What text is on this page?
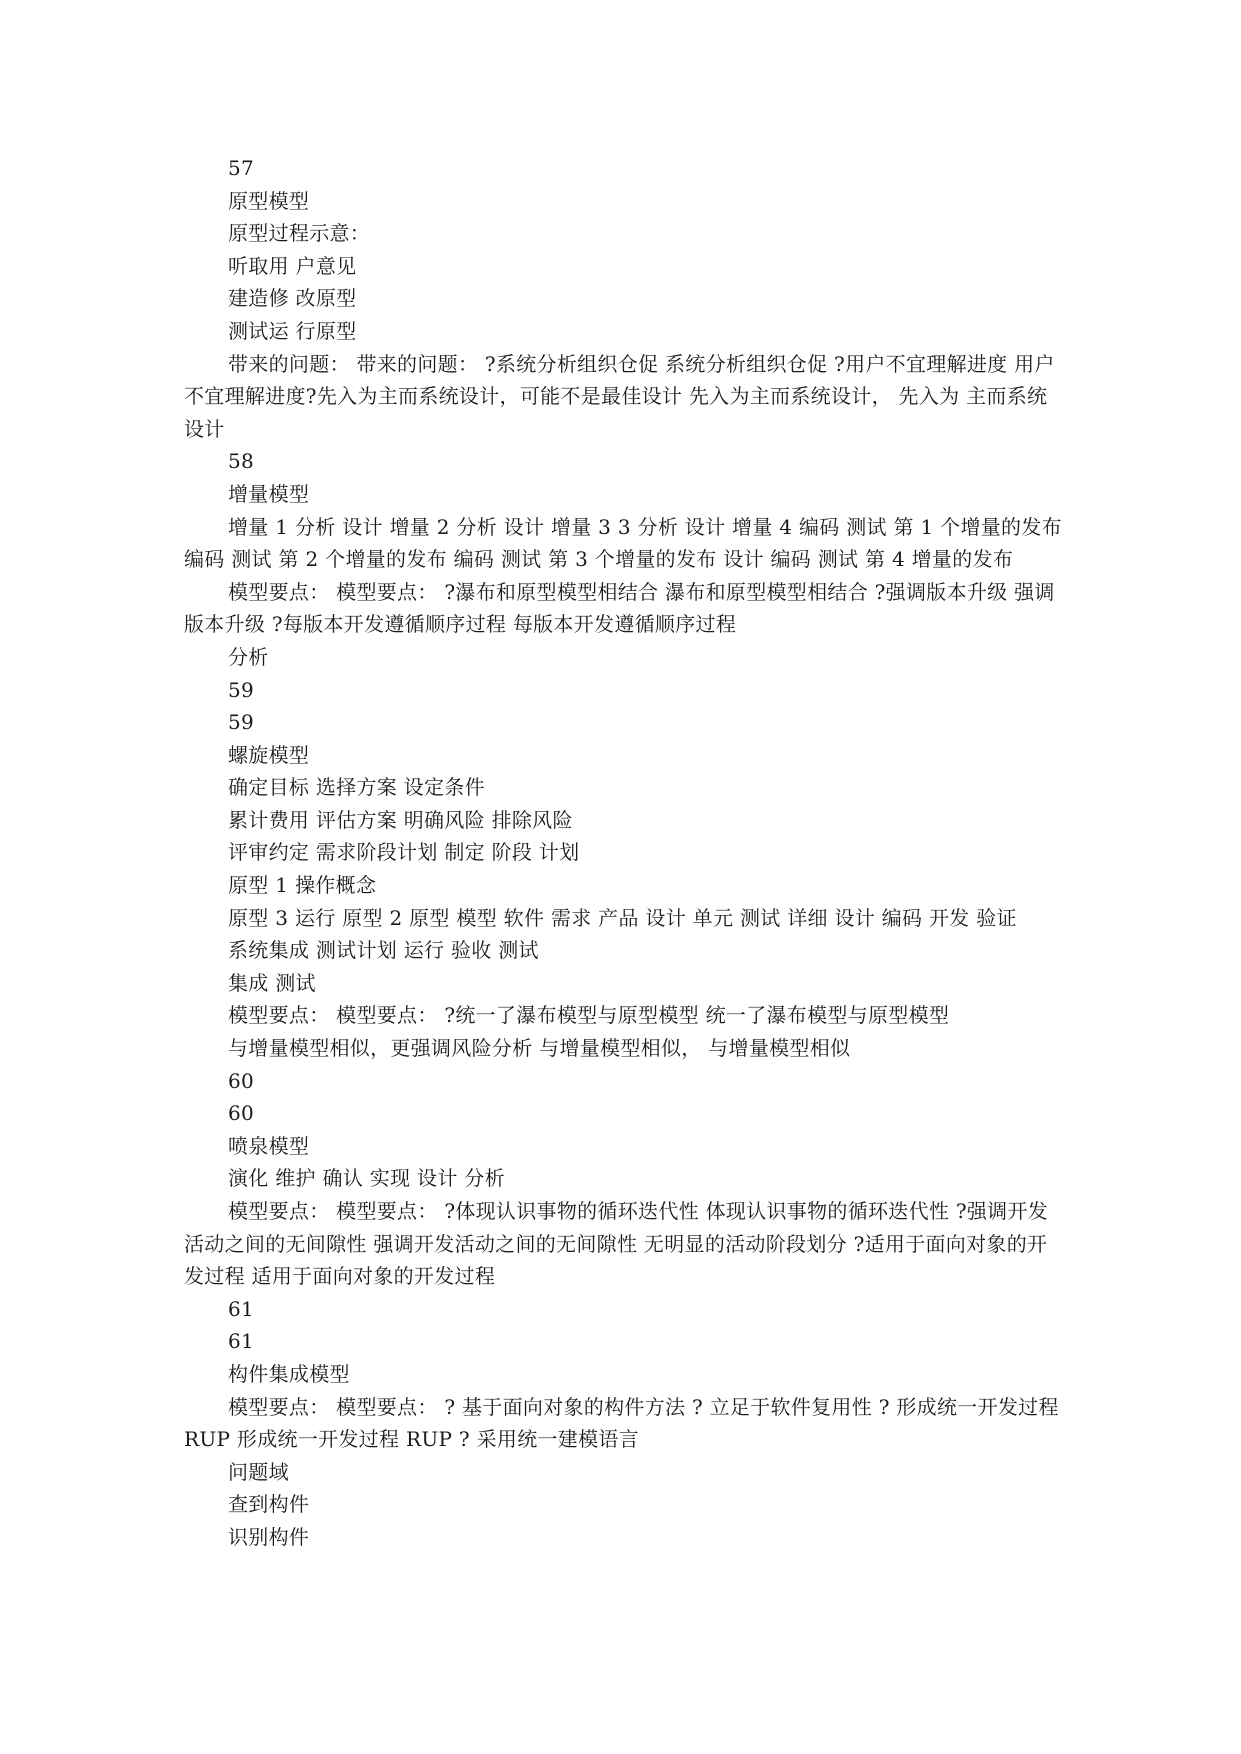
57

原型模型

原型过程示意：

听取用 户意见

建造修 改原型

测试运 行原型

带来的问题： 带来的问题： ?系统分析组织仓促 系统分析组织仓促 ?用户不宜理解进度 用户不宜理解进度?先入为主而系统设计，可能不是最佳设计 先入为主而系统设计， 先入为 主而系统设计

58

增量模型

增量 1 分析 设计 增量 2 分析 设计 增量 3 3 分析 设计 增量 4 编码 测试 第 1 个增量的发布 编码 测试 第 2 个增量的发布 编码 测试 第 3 个增量的发布 设计 编码 测试 第 4 增量的发布

模型要点： 模型要点： ?瀑布和原型模型相结合 瀑布和原型模型相结合 ?强调版本升级 强调版本升级 ?每版本开发遵循顺序过程 每版本开发遵循顺序过程

分析

59

59

螺旋模型

确定目标 选择方案 设定条件

累计费用 评估方案 明确风险 排除风险

评审约定 需求阶段计划 制定 阶段 计划

原型 1 操作概念

原型 3 运行 原型 2 原型 模型 软件 需求 产品 设计 单元 测试 详细 设计 编码 开发 验证

系统集成 测试计划 运行 验收 测试

集成 测试

模型要点： 模型要点： ?统一了瀑布模型与原型模型 统一了瀑布模型与原型模型

与增量模型相似，更强调风险分析 与增量模型相似， 与增量模型相似

60

60

喷泉模型

演化 维护 确认 实现 设计 分析

模型要点： 模型要点： ?体现认识事物的循环迭代性 体现认识事物的循环迭代性 ?强调开发活动之间的无间隙性 强调开发活动之间的无间隙性 无明显的活动阶段划分 ?适用于面向对象的开发过程 适用于面向对象的开发过程

61

61

构件集成模型

模型要点： 模型要点： ? 基于面向对象的构件方法 ? 立足于软件复用性 ? 形成统一开发过程 RUP 形成统一开发过程 RUP ? 采用统一建模语言

问题域

查到构件

识别构件
